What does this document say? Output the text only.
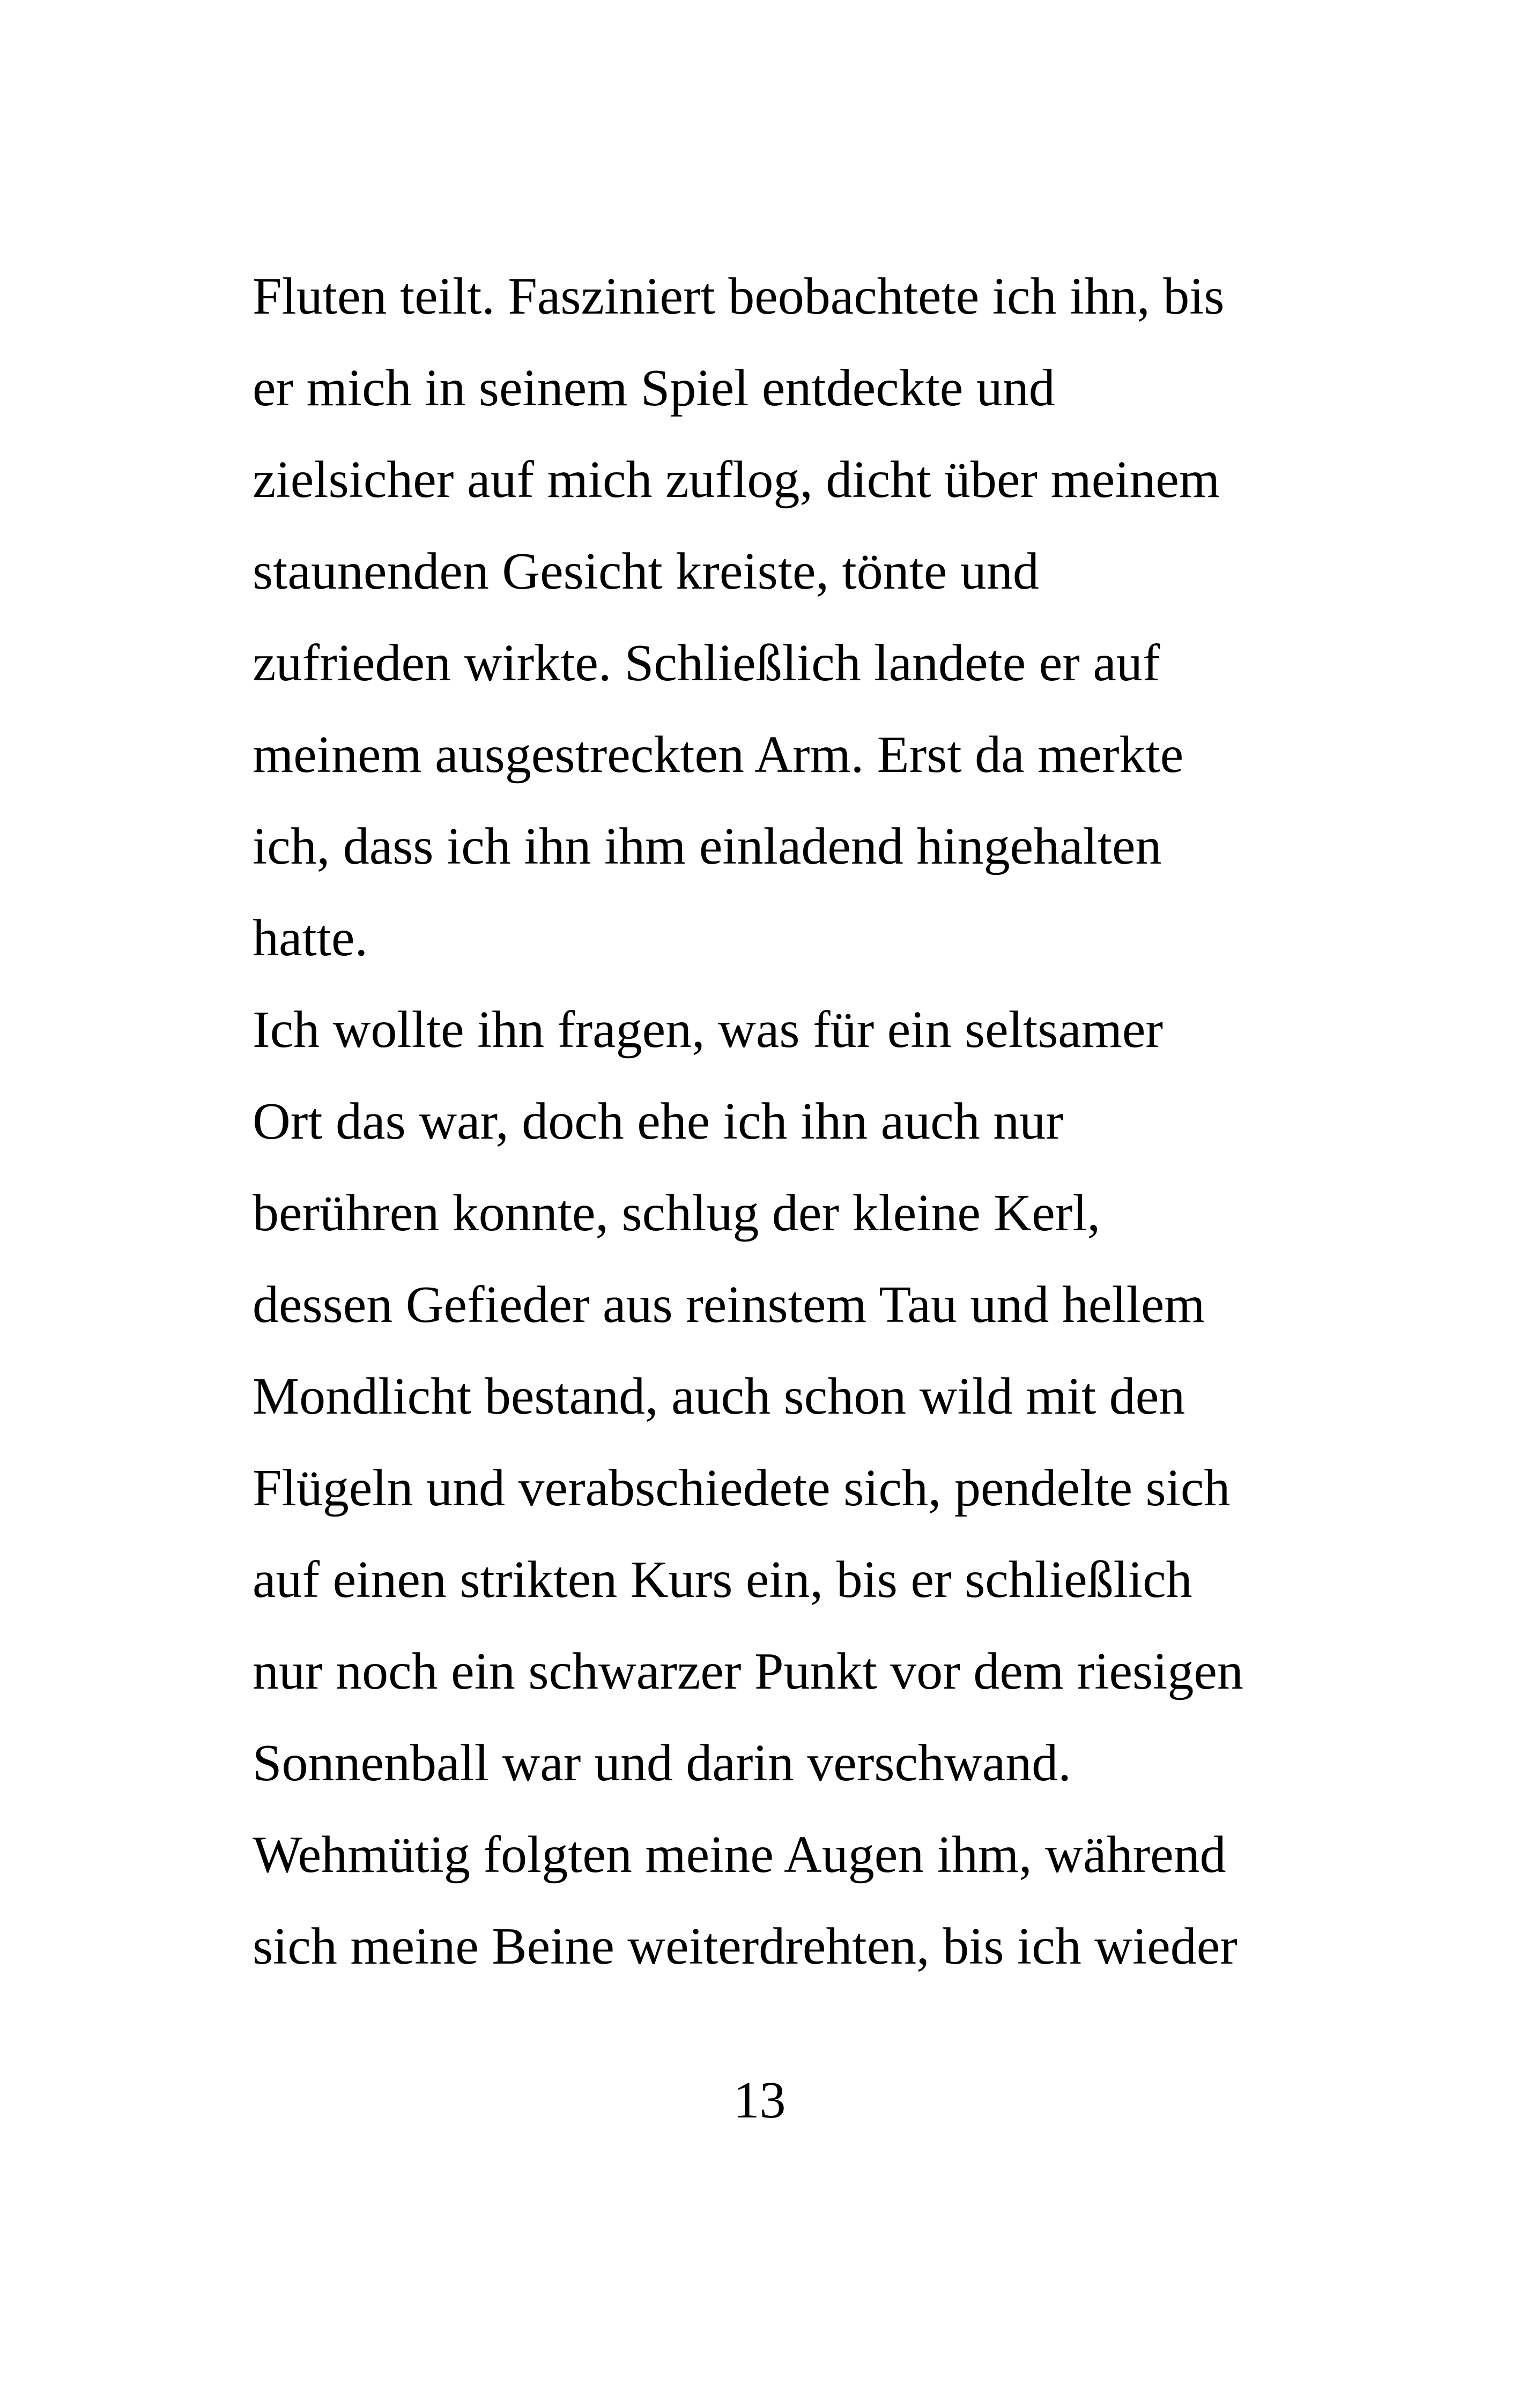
Fluten teilt. Fasziniert beobachtete ich ihn, bis
er mich in seinem Spiel entdeckte und
zielsicher auf mich zuflog, dicht über meinem
staunenden Gesicht kreiste, tönte und
zufrieden wirkte. Schließlich landete er auf
meinem ausgestreckten Arm. Erst da merkte
ich, dass ich ihn ihm einladend hingehalten
hatte.
Ich wollte ihn fragen, was für ein seltsamer
Ort das war, doch ehe ich ihn auch nur
berühren konnte, schlug der kleine Kerl,
dessen Gefieder aus reinstem Tau und hellem
Mondlicht bestand, auch schon wild mit den
Flügeln und verabschiedete sich, pendelte sich
auf einen strikten Kurs ein, bis er schließlich
nur noch ein schwarzer Punkt vor dem riesigen
Sonnenball war und darin verschwand.
Wehmütig folgten meine Augen ihm, während
sich meine Beine weiterdrehten, bis ich wieder
13
